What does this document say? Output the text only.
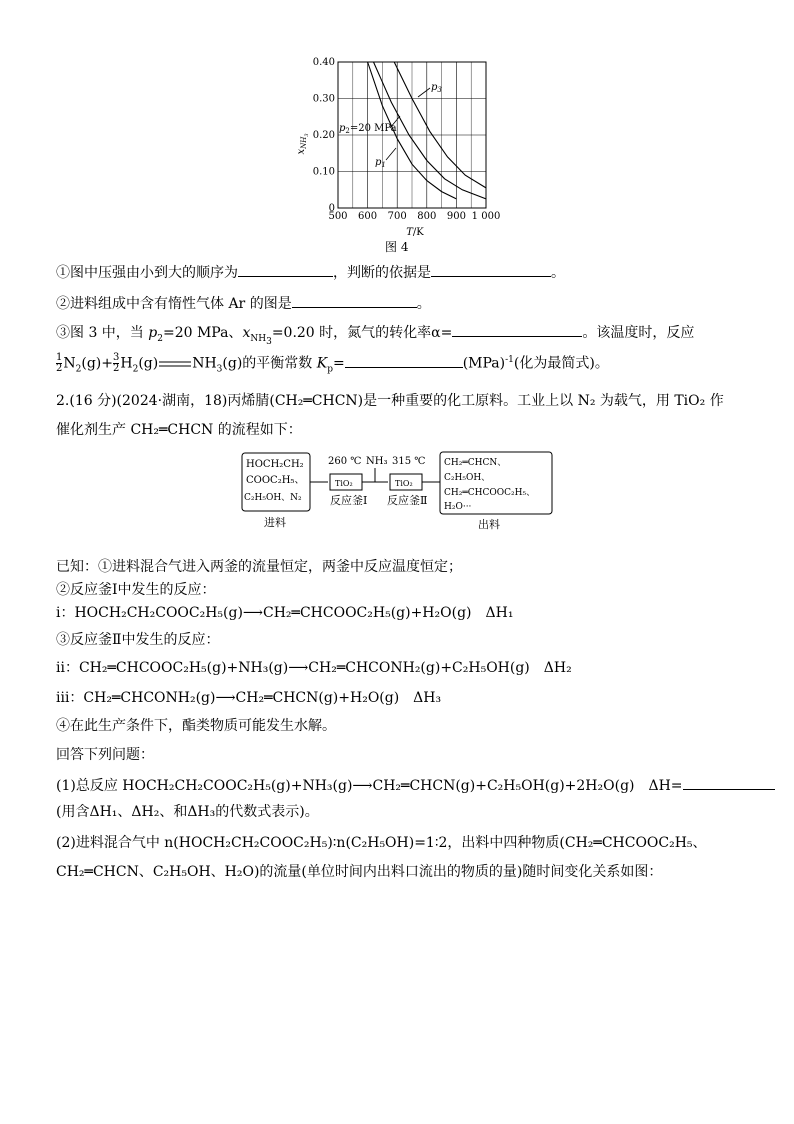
500 600 700 800 900 1 000
0
0.10
0.20
0.30
0.40
$x_{NH3}$
T/K
$p_3$
$p_2=20$ MPa
$p_1$
图 4
①图中压强由小到大的顺序为	，判断的依据是	。
②进料组成中含有惰性气体 Ar 的图是	。
③图 3 中，当 $p_2=20$ MPa、$x_{NH_3}=0.20$ 时，氮气的转化率α=	。该温度时，反应
$\frac{1}{2} N_2(g)+ \frac{3}{2} H_2(g)$ $NH_3(g)$的平衡常数 $K_p=$	(MPa)$^{-1}$(化为最简式)。
2.(16 分)(2024·湖南，18)丙烯腈(CH₂═CHCN)是一种重要的化工原料。工业上以 N₂ 为载气，用 TiO₂ 作
催化剂生产 CH₂═CHCN 的流程如下：
HOCH₂CH₂
COOC₂H₅、
C₂H₅OH、N₂
进料
260 ℃
TiO₂
反应釜Ⅰ
NH₃ 315 ℃
TiO₂
反应釜Ⅱ
CH₂═CHCN、
C₂H₅OH、
CH₂═CHCOOC₂H₅、
H₂O···
出料
已知：①进料混合气进入两釜的流量恒定，两釜中反应温度恒定；
②反应釜Ⅰ中发生的反应：
ⅰ：HOCH₂CH₂COOC₂H₅(g)⟶CH₂═CHCOOC₂H₅(g)+H₂O(g)　ΔH₁
③反应釜Ⅱ中发生的反应：
ⅱ：CH₂═CHCOOC₂H₅(g)+NH₃(g)⟶CH₂═CHCONH₂(g)+C₂H₅OH(g)　ΔH₂
ⅲ：CH₂═CHCONH₂(g)⟶CH₂═CHCN(g)+H₂O(g)　ΔH₃
④在此生产条件下，酯类物质可能发生水解。
回答下列问题：
(1)总反应 HOCH₂CH₂COOC₂H₅(g)+NH₃(g)⟶CH₂═CHCN(g)+C₂H₅OH(g)+2H₂O(g)　ΔH=
(用含ΔH₁、ΔH₂、和ΔH₃的代数式表示)。
(2)进料混合气中 n(HOCH₂CH₂COOC₂H₅)∶n(C₂H₅OH)=1∶2，出料中四种物质(CH₂═CHCOOC₂H₅、
CH₂═CHCN、C₂H₅OH、H₂O)的流量(单位时间内出料口流出的物质的量)随时间变化关系如图：
